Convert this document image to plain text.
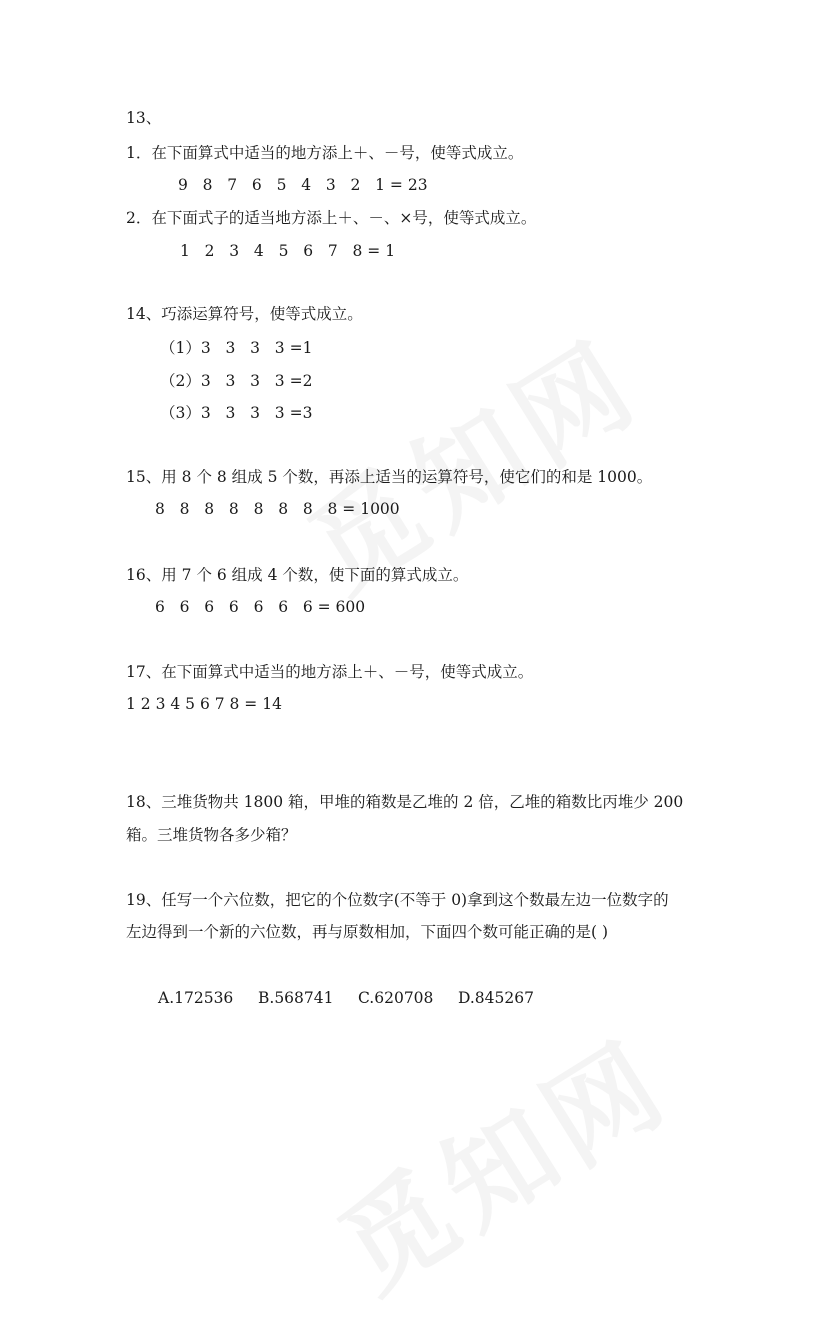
13、
1．在下面算式中适当的地方添上＋、－号，使等式成立。
9   8   7   6   5   4   3   2   1 = 23
2．在下面式子的适当地方添上＋、－、×号，使等式成立。
1   2   3   4   5   6   7   8 = 1
14、巧添运算符号，使等式成立。
（1）3   3   3   3 =1
（2）3   3   3   3 =2
（3）3   3   3   3 =3
15、用 8 个 8 组成 5 个数，再添上适当的运算符号，使它们的和是 1000。
8   8   8   8   8   8   8   8 = 1000
16、用 7 个 6 组成 4 个数，使下面的算式成立。
6   6   6   6   6   6   6 = 600
17、在下面算式中适当的地方添上＋、－号，使等式成立。
1 2 3 4 5 6 7 8 = 14
18、三堆货物共 1800 箱，甲堆的箱数是乙堆的 2 倍，乙堆的箱数比丙堆少 200
箱。三堆货物各多少箱？
19、任写一个六位数，把它的个位数字(不等于 0)拿到这个数最左边一位数字的
左边得到一个新的六位数，再与原数相加，下面四个数可能正确的是( )
A.172536 B.568741 C.620708 D.845267
